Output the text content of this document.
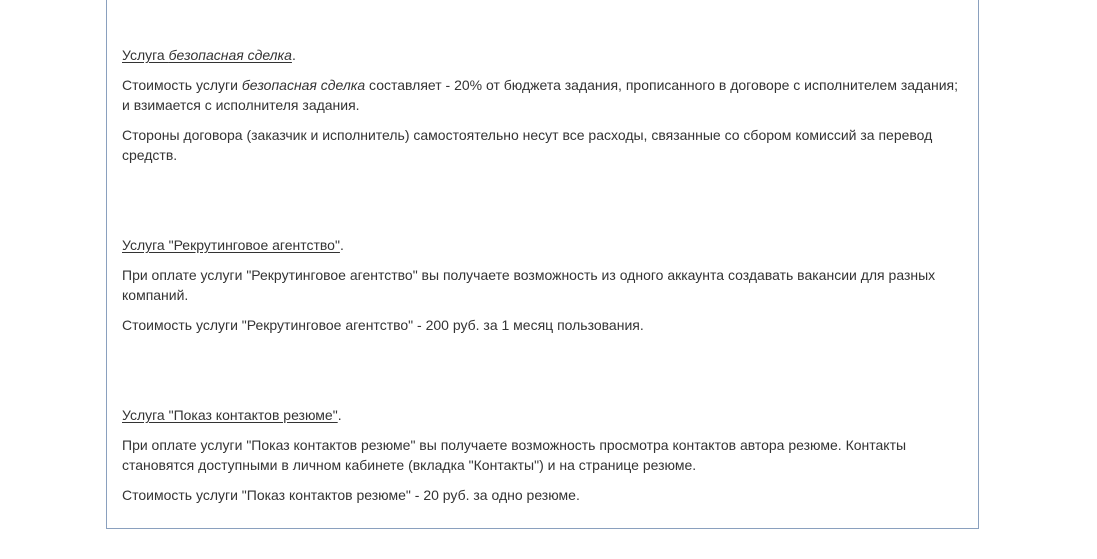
Услуга безопасная сделка.
Стоимость услуги безопасная сделка составляет - 20% от бюджета задания, прописанного в договоре с исполнителем задания; и взимается с исполнителя задания.
Стороны договора (заказчик и исполнитель) самостоятельно несут все расходы, связанные со сбором комиссий за перевод средств.
Услуга "Рекрутинговое агентство".
При оплате услуги "Рекрутинговое агентство" вы получаете возможность из одного аккаунта создавать вакансии для разных компаний.
Стоимость услуги "Рекрутинговое агентство" - 200 руб. за 1 месяц пользования.
Услуга "Показ контактов резюме".
При оплате услуги "Показ контактов резюме" вы получаете возможность просмотра контактов автора резюме. Контакты становятся доступными в личном кабинете (вкладка "Контакты") и на странице резюме.
Стоимость услуги "Показ контактов резюме" - 20 руб. за одно резюме.
